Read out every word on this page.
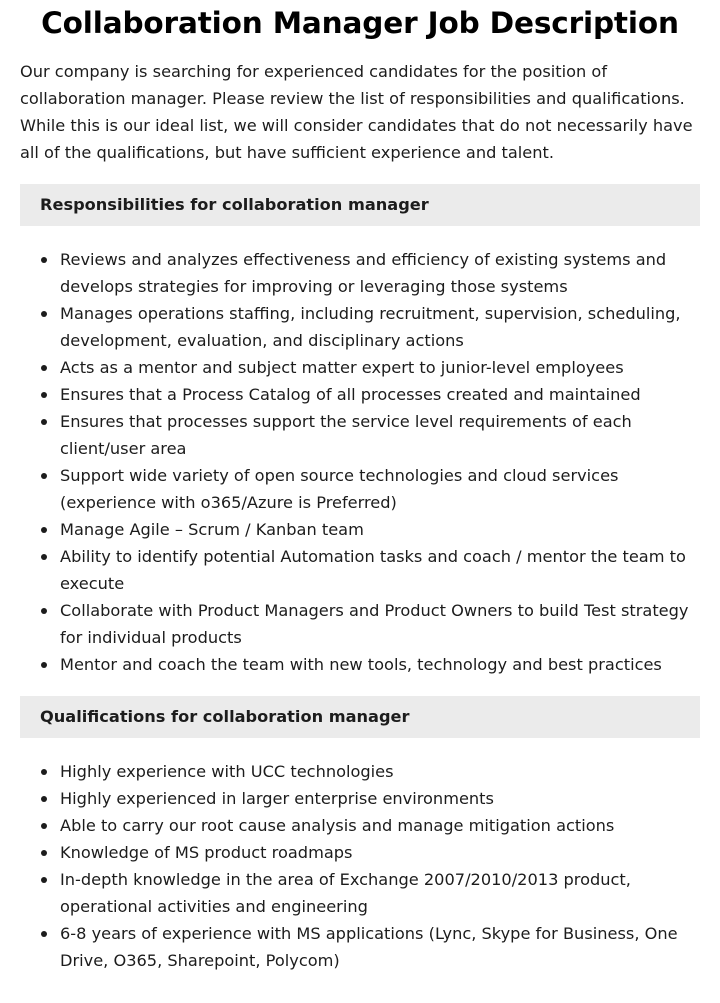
Collaboration Manager Job Description

Our company is searching for experienced candidates for the position of collaboration manager. Please review the list of responsibilities and qualifications. While this is our ideal list, we will consider candidates that do not necessarily have all of the qualifications, but have sufficient experience and talent.

Responsibilities for collaboration manager
Reviews and analyzes effectiveness and efficiency of existing systems and develops strategies for improving or leveraging those systems
Manages operations staffing, including recruitment, supervision, scheduling, development, evaluation, and disciplinary actions
Acts as a mentor and subject matter expert to junior-level employees
Ensures that a Process Catalog of all processes created and maintained
Ensures that processes support the service level requirements of each client/user area
Support wide variety of open source technologies and cloud services (experience with o365/Azure is Preferred)
Manage Agile – Scrum / Kanban team
Ability to identify potential Automation tasks and coach / mentor the team to execute
Collaborate with Product Managers and Product Owners to build Test strategy for individual products
Mentor and coach the team with new tools, technology and best practices
Qualifications for collaboration manager
Highly experience with UCC technologies
Highly experienced in larger enterprise environments
Able to carry our root cause analysis and manage mitigation actions
Knowledge of MS product roadmaps
In-depth knowledge in the area of Exchange 2007/2010/2013 product, operational activities and engineering
6-8 years of experience with MS applications (Lync, Skype for Business, One Drive, O365, Sharepoint, Polycom)
